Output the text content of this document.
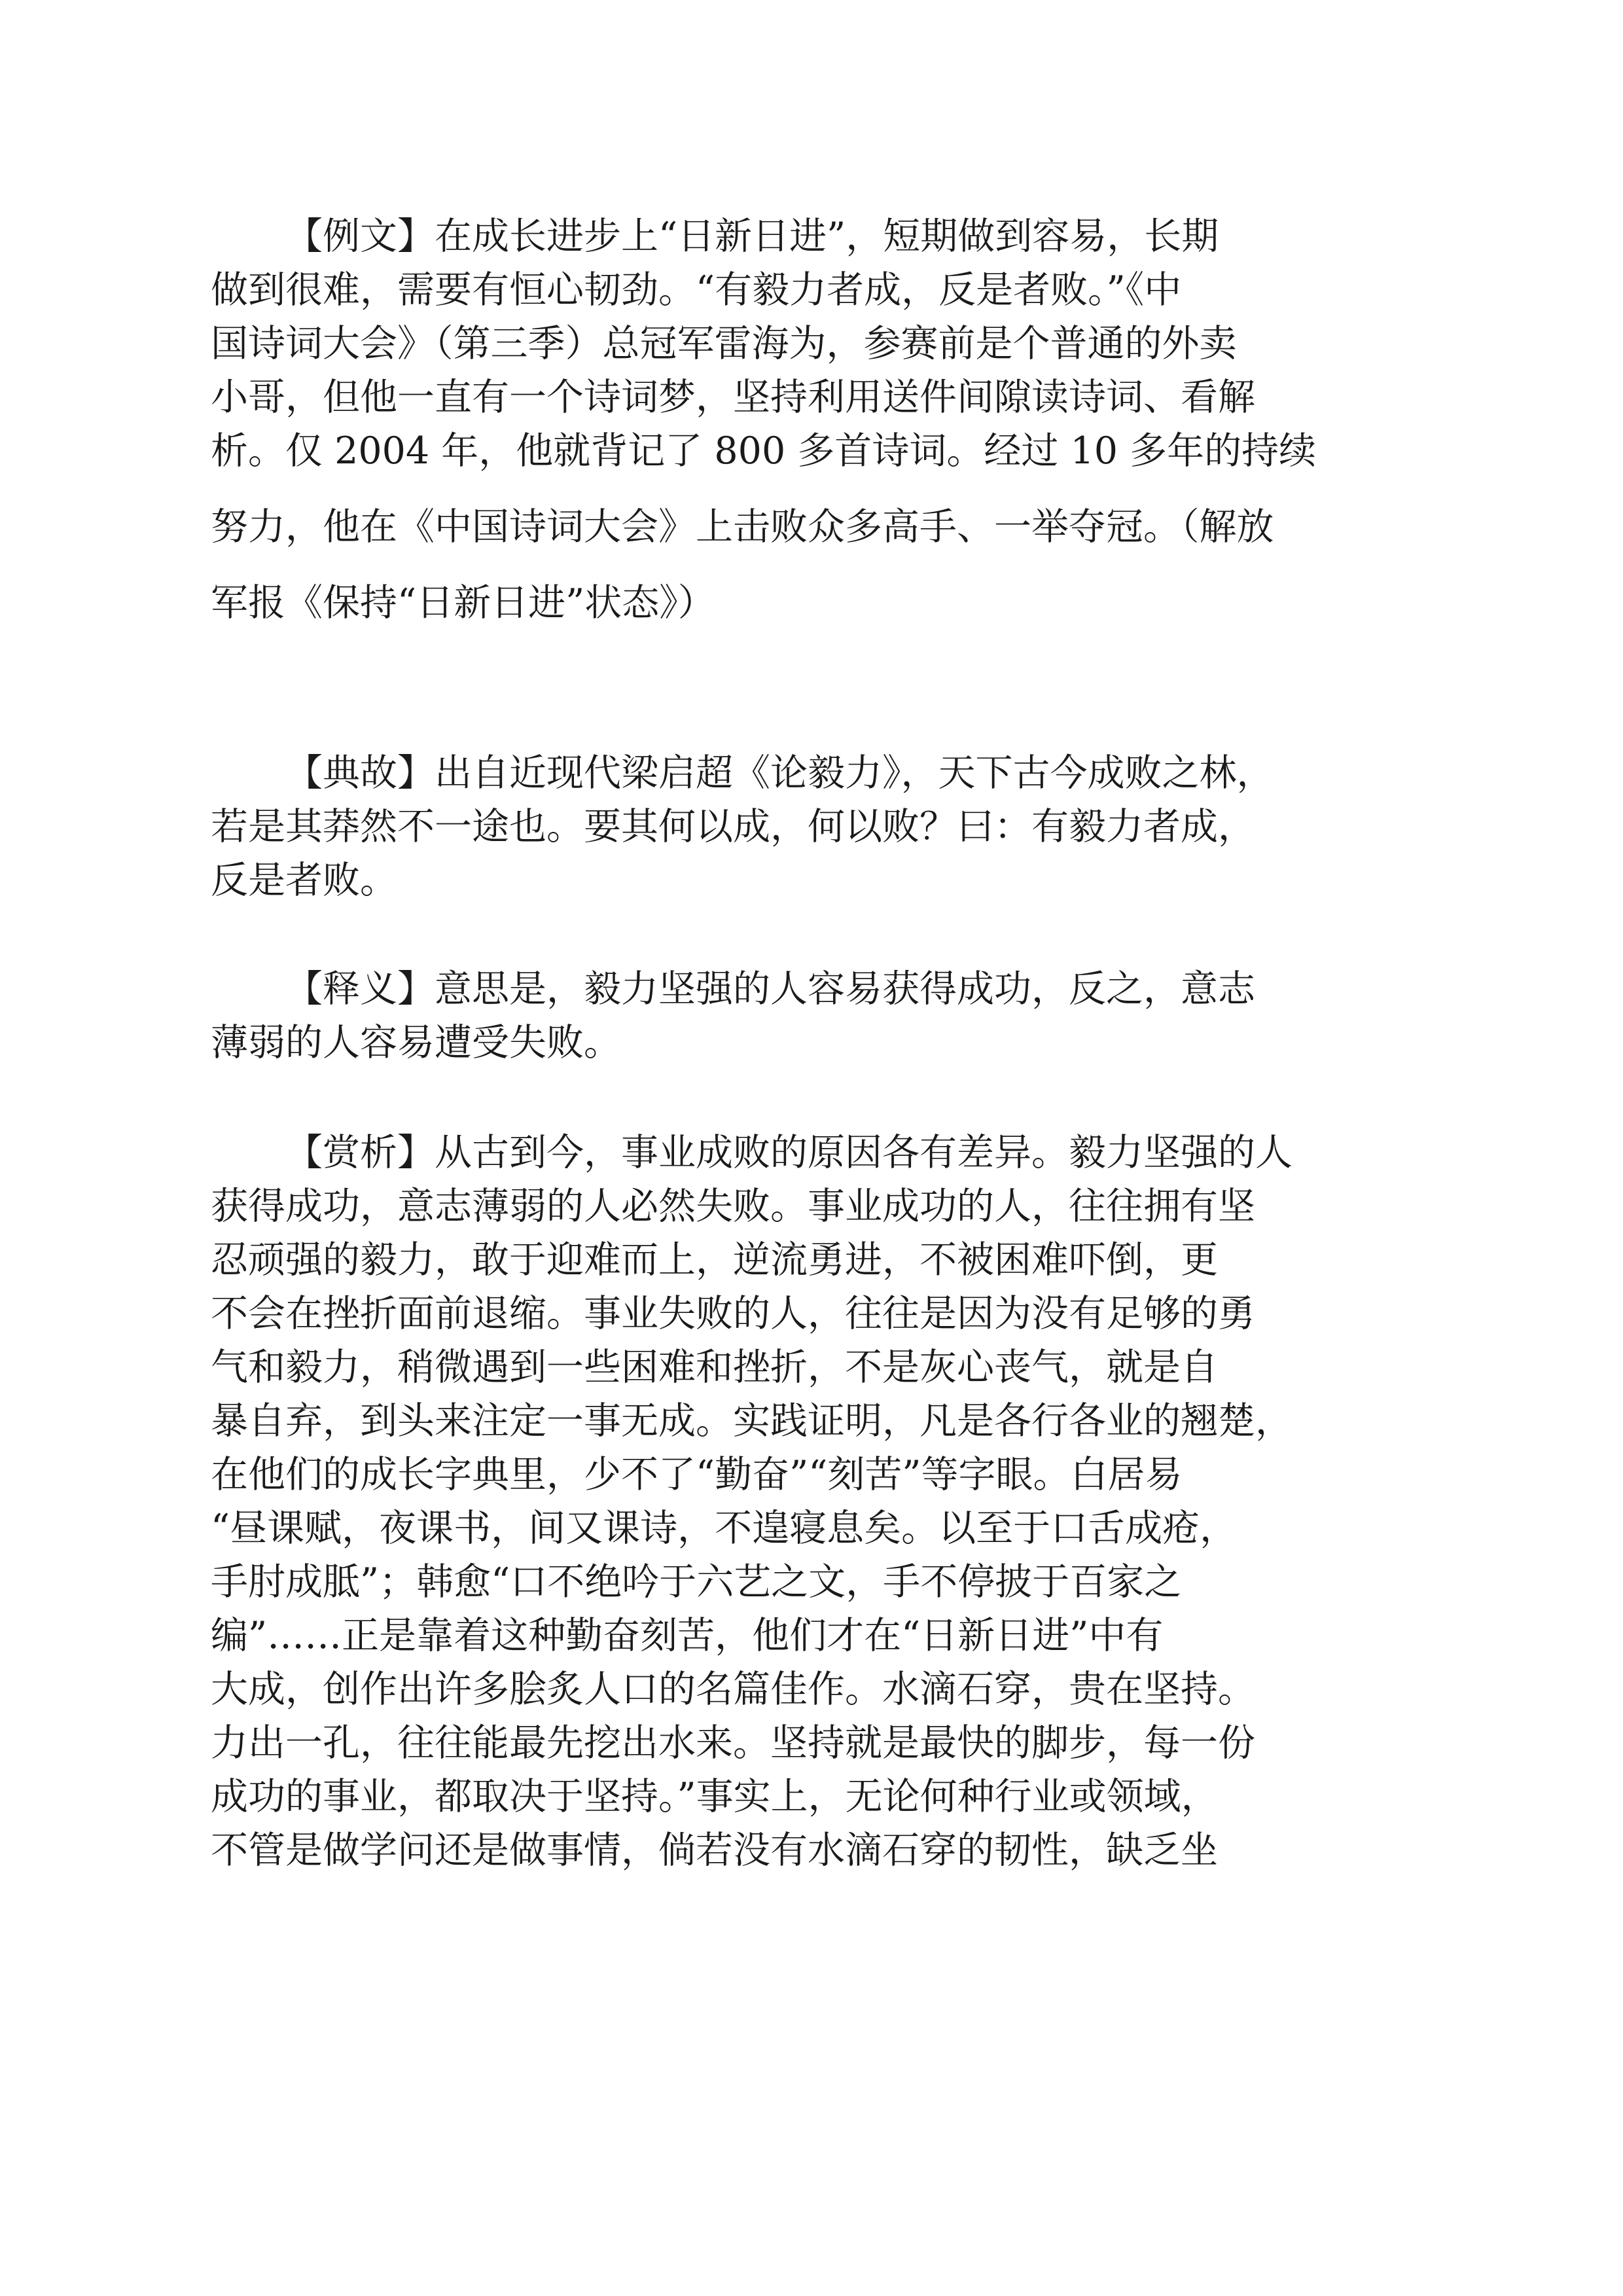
【例文】在成长进步上“日新日进”，短期做到容易，长期
做到很难，需要有恒心韧劲。“有毅力者成，反是者败。”《中
国诗词大会》（第三季）总冠军雷海为，参赛前是个普通的外卖
小哥，但他一直有一个诗词梦，坚持利用送件间隙读诗词、看解
析。仅 2004 年，他就背记了 800 多首诗词。经过 10 多年的持续
努力，他在《中国诗词大会》上击败众多高手、一举夺冠。（解放
军报《保持“日新日进”状态》）
【典故】出自近现代梁启超《论毅力》，天下古今成败之林，
若是其莽然不一途也。要其何以成，何以败？曰：有毅力者成，
反是者败。
【释义】意思是，毅力坚强的人容易获得成功，反之，意志
薄弱的人容易遭受失败。
【赏析】从古到今，事业成败的原因各有差异。毅力坚强的人
获得成功，意志薄弱的人必然失败。事业成功的人，往往拥有坚
忍顽强的毅力，敢于迎难而上，逆流勇进，不被困难吓倒，更
不会在挫折面前退缩。事业失败的人，往往是因为没有足够的勇
气和毅力，稍微遇到一些困难和挫折，不是灰心丧气，就是自
暴自弃，到头来注定一事无成。实践证明，凡是各行各业的翘楚，
在他们的成长字典里，少不了“勤奋”“刻苦”等字眼。白居易
“昼课赋，夜课书，间又课诗，不遑寝息矣。以至于口舌成疮，
手肘成胝”；韩愈“口不绝吟于六艺之文，手不停披于百家之
编”……正是靠着这种勤奋刻苦，他们才在“日新日进”中有
大成，创作出许多脍炙人口的名篇佳作。水滴石穿，贵在坚持。
力出一孔，往往能最先挖出水来。坚持就是最快的脚步，每一份
成功的事业，都取决于坚持。”事实上，无论何种行业或领域，
不管是做学问还是做事情，倘若没有水滴石穿的韧性，缺乏坐
